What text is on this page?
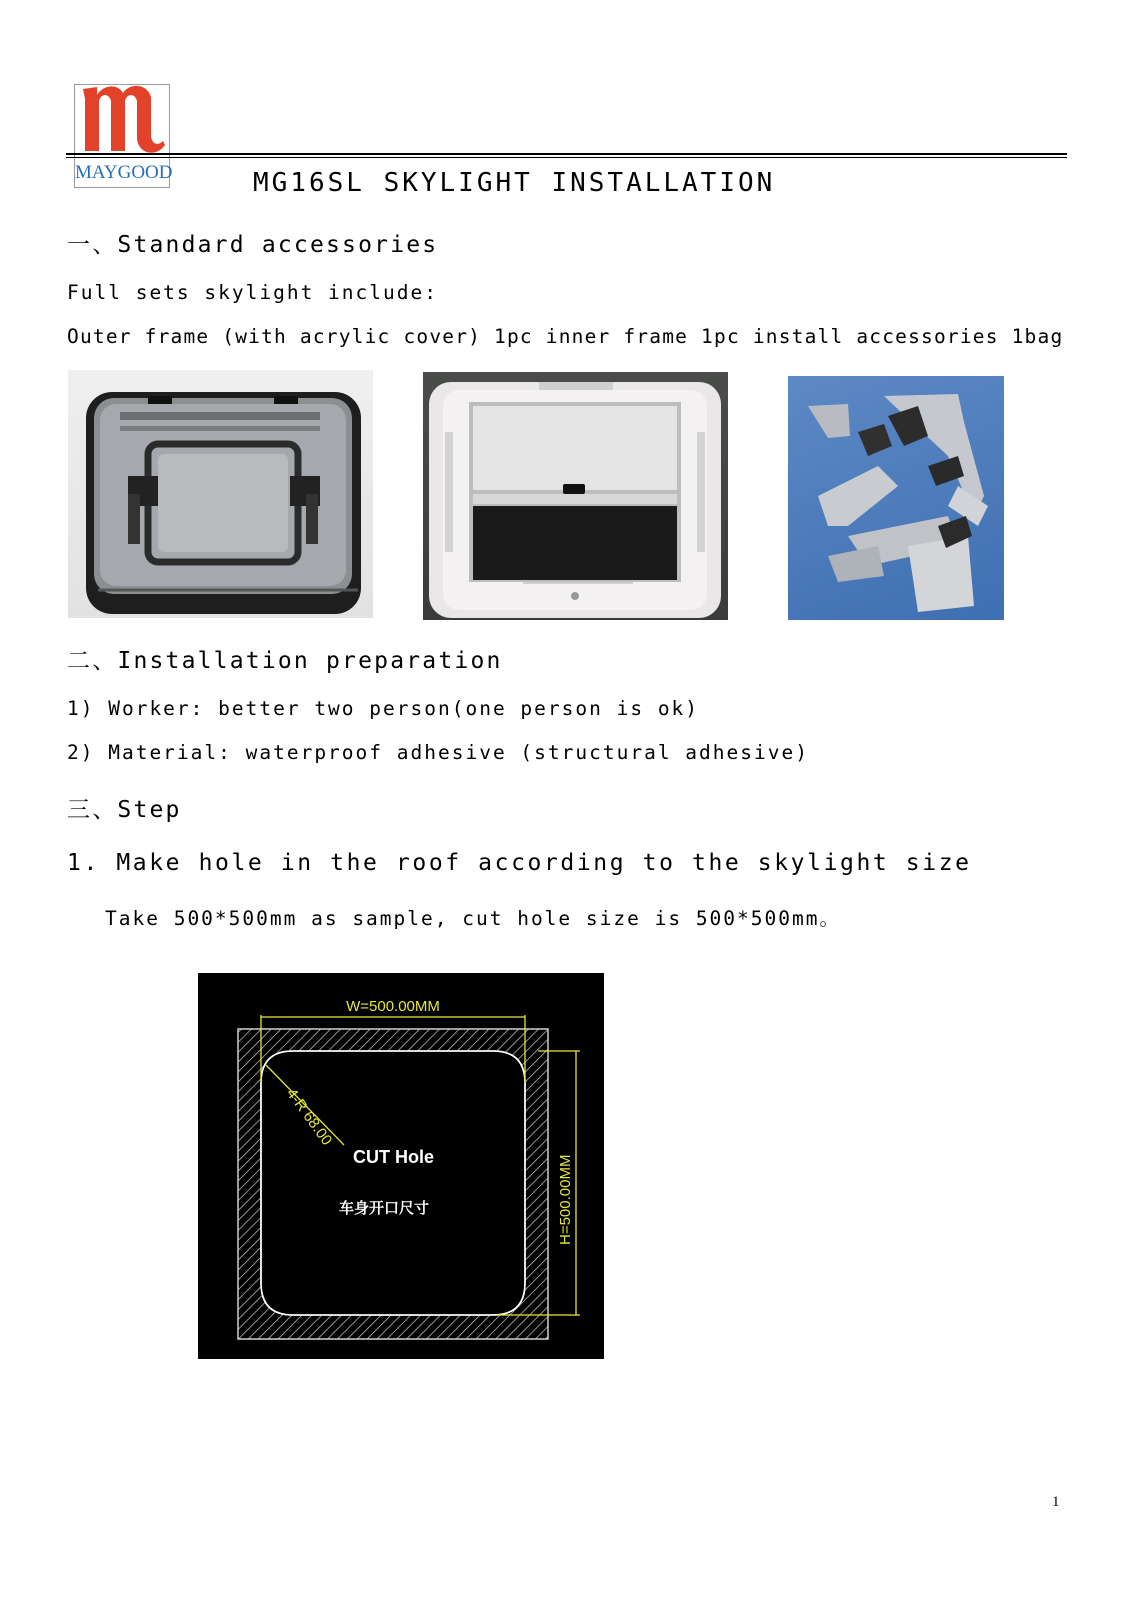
MAYGOOD	MG16SL SKYLIGHT INSTALLATION
一、Standard accessories
Full sets skylight include:
Outer frame (with acrylic cover) 1pc inner frame 1pc install accessories 1bag
二、Installation preparation
1) Worker: better two person(one person is ok)
2) Material: waterproof adhesive (structural adhesive)
三、Step
1. Make hole in the roof according to the skylight size
Take 500*500mm as sample, cut hole size is 500*500mm。
W=500.00MM
H=500.00MM
4-R 68.00
CUT Hole
车身开口尺寸
1
